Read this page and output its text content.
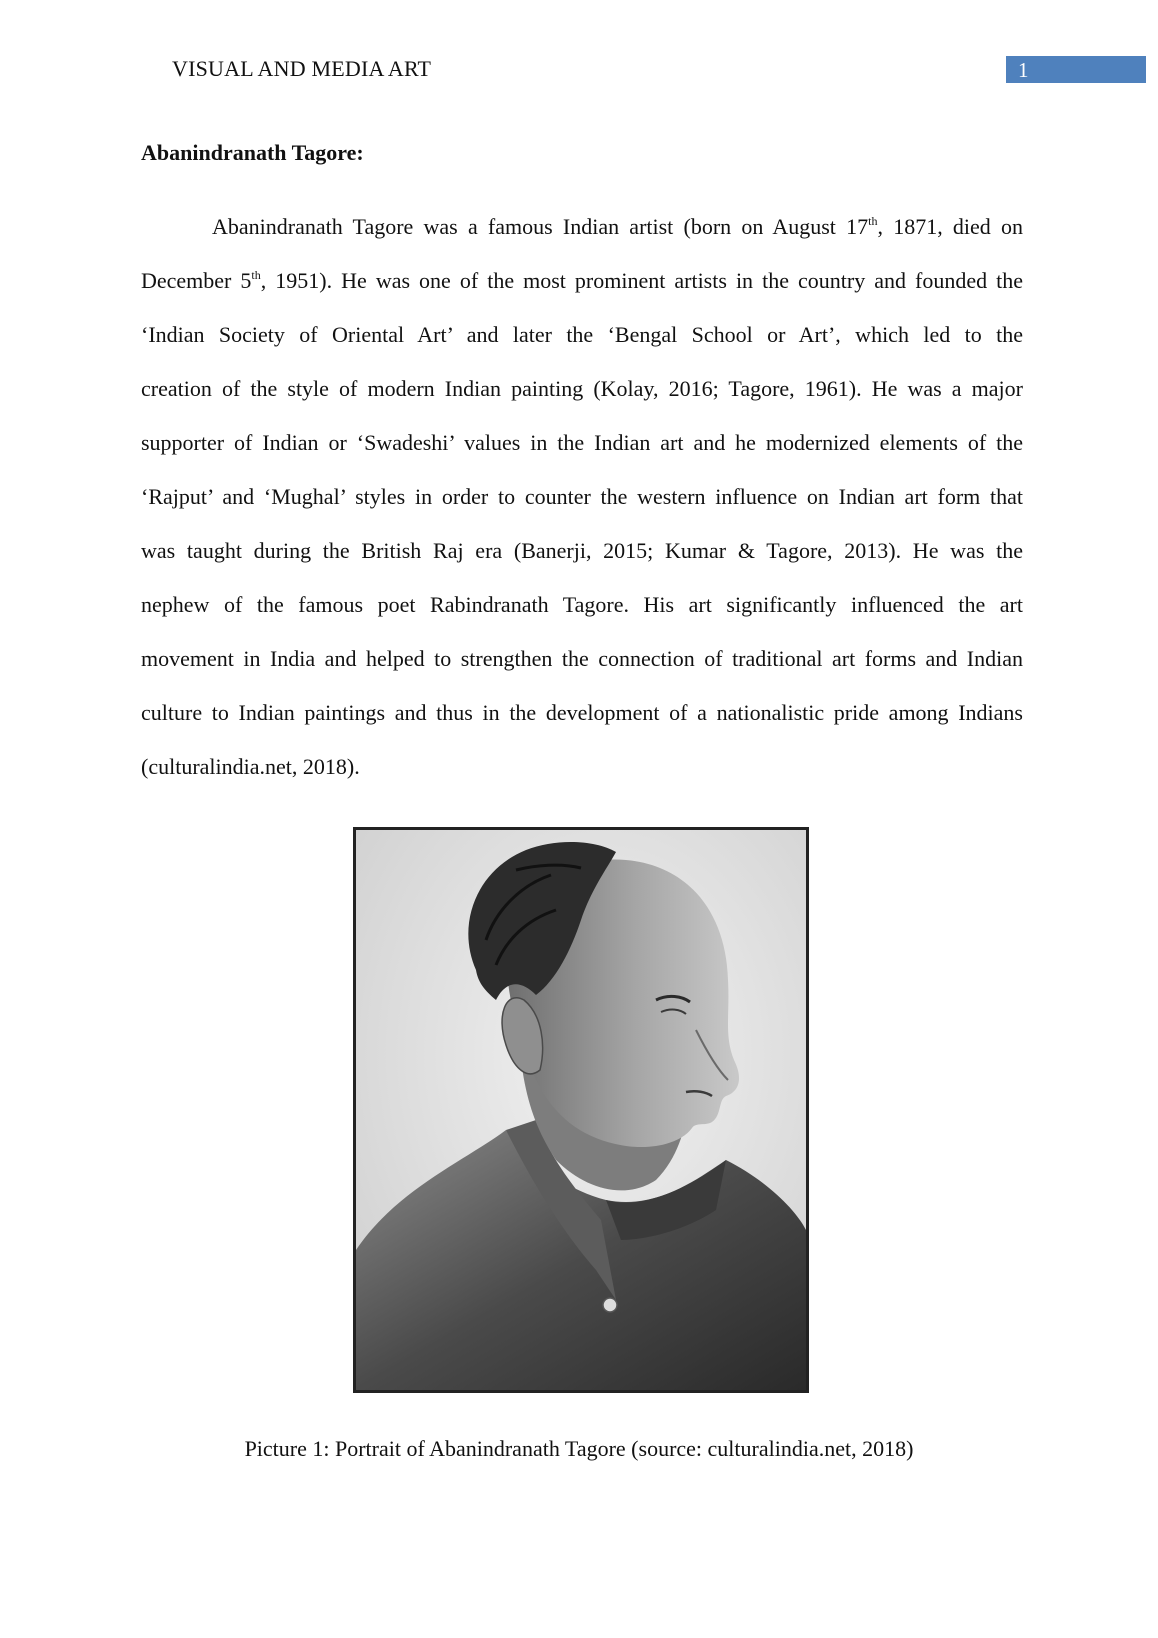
VISUAL AND MEDIA ART	1
Abanindranath Tagore:
Abanindranath Tagore was a famous Indian artist (born on August 17th, 1871, died on
December 5th, 1951). He was one of the most prominent artists in the country and founded the
‘Indian Society of Oriental Art’ and later the ‘Bengal School or Art’, which led to the
creation of the style of modern Indian painting (Kolay, 2016; Tagore, 1961). He was a major
supporter of Indian or ‘Swadeshi’ values in the Indian art and he modernized elements of the
‘Rajput’ and ‘Mughal’ styles in order to counter the western influence on Indian art form that
was taught during the British Raj era (Banerji, 2015; Kumar & Tagore, 2013). He was the
nephew of the famous poet Rabindranath Tagore. His art significantly influenced the art
movement in India and helped to strengthen the connection of traditional art forms and Indian
culture to Indian paintings and thus in the development of a nationalistic pride among Indians
(culturalindia.net, 2018).
Picture 1: Portrait of Abanindranath Tagore (source: culturalindia.net, 2018)
